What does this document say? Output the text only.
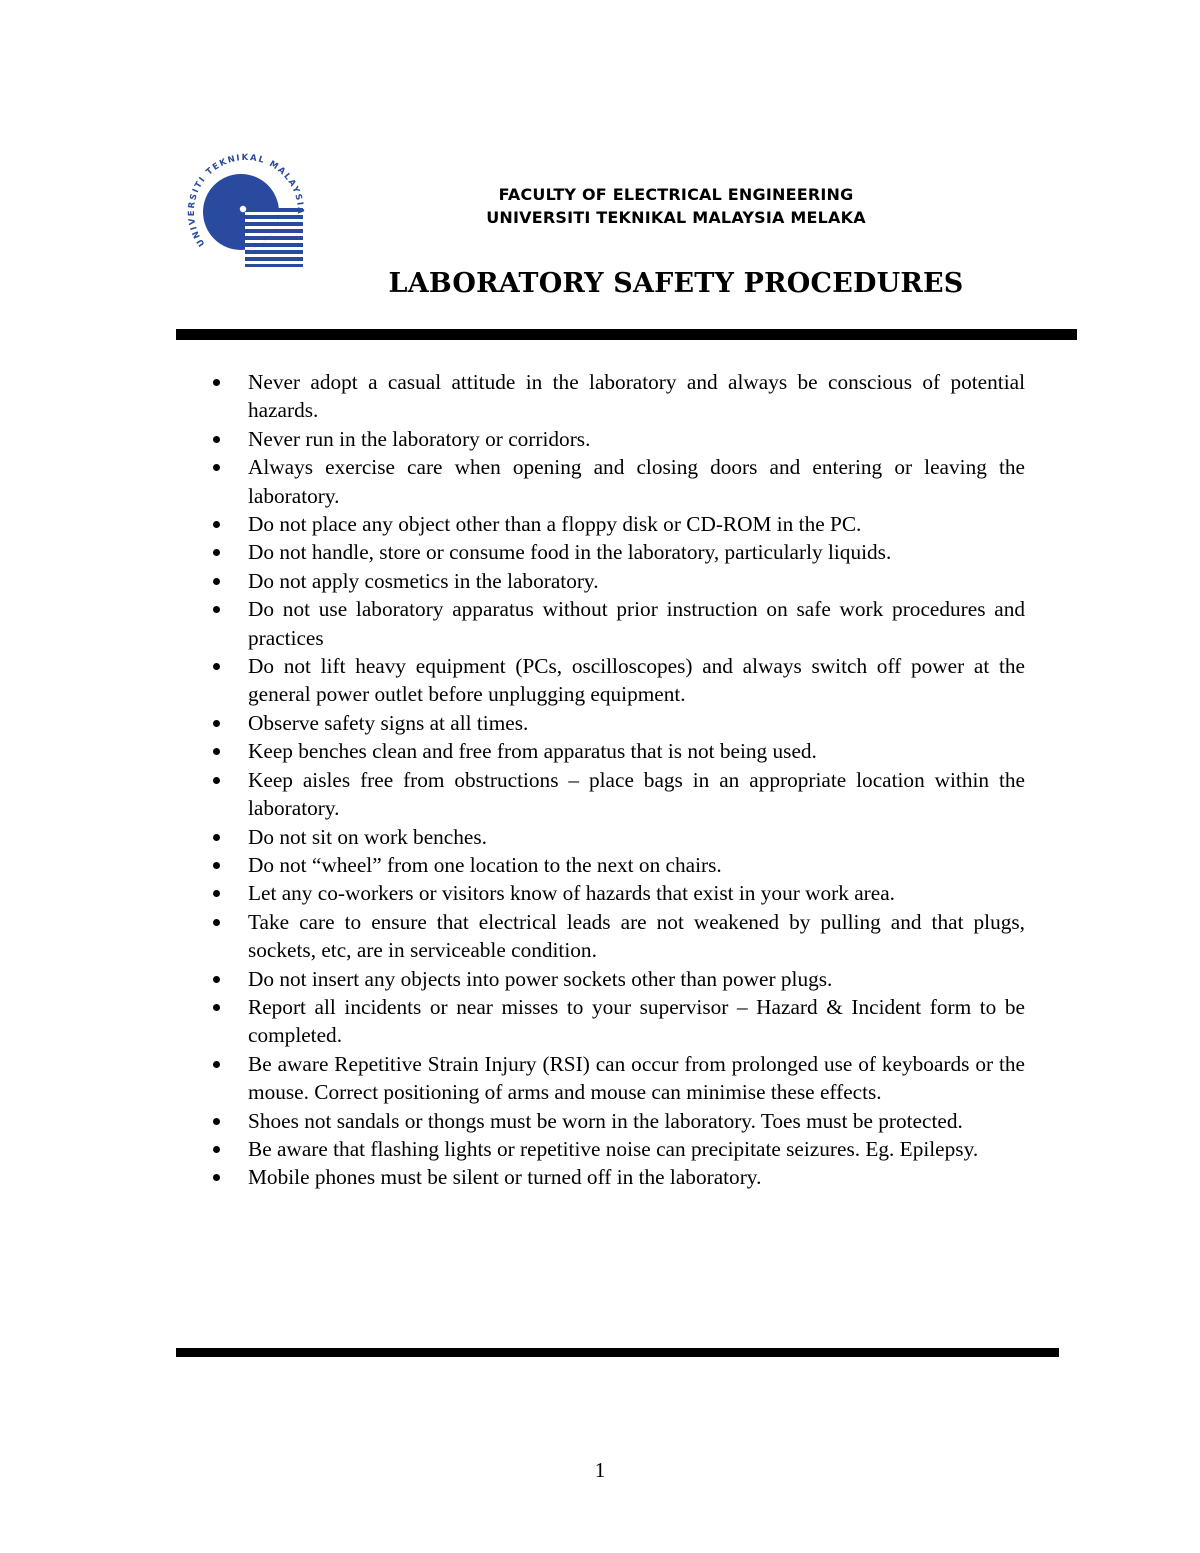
UNIVERSITI TEKNIKAL MALAYSIA
FACULTY OF ELECTRICAL ENGINEERING
UNIVERSITI TEKNIKAL MALAYSIA MELAKA
LABORATORY SAFETY PROCEDURES
Never adopt a casual attitude in the laboratory and always be conscious of potential hazards.
Never run in the laboratory or corridors.
Always exercise care when opening and closing doors and entering or leaving the laboratory.
Do not place any object other than a floppy disk or CD-ROM in the PC.
Do not handle, store or consume food in the laboratory, particularly liquids.
Do not apply cosmetics in the laboratory.
Do not use laboratory apparatus without prior instruction on safe work procedures and practices
Do not lift heavy equipment (PCs, oscilloscopes) and always switch off power at the general power outlet before unplugging equipment.
Observe safety signs at all times.
Keep benches clean and free from apparatus that is not being used.
Keep aisles free from obstructions – place bags in an appropriate location within the laboratory.
Do not sit on work benches.
Do not “wheel” from one location to the next on chairs.
Let any co-workers or visitors know of hazards that exist in your work area.
Take care to ensure that electrical leads are not weakened by pulling and that plugs, sockets, etc, are in serviceable condition.
Do not insert any objects into power sockets other than power plugs.
Report all incidents or near misses to your supervisor – Hazard & Incident form to be completed.
Be aware Repetitive Strain Injury (RSI) can occur from prolonged use of keyboards or the mouse. Correct positioning of arms and mouse can minimise these effects.
Shoes not sandals or thongs must be worn in the laboratory. Toes must be protected.
Be aware that flashing lights or repetitive noise can precipitate seizures. Eg. Epilepsy.
Mobile phones must be silent or turned off in the laboratory.
1
